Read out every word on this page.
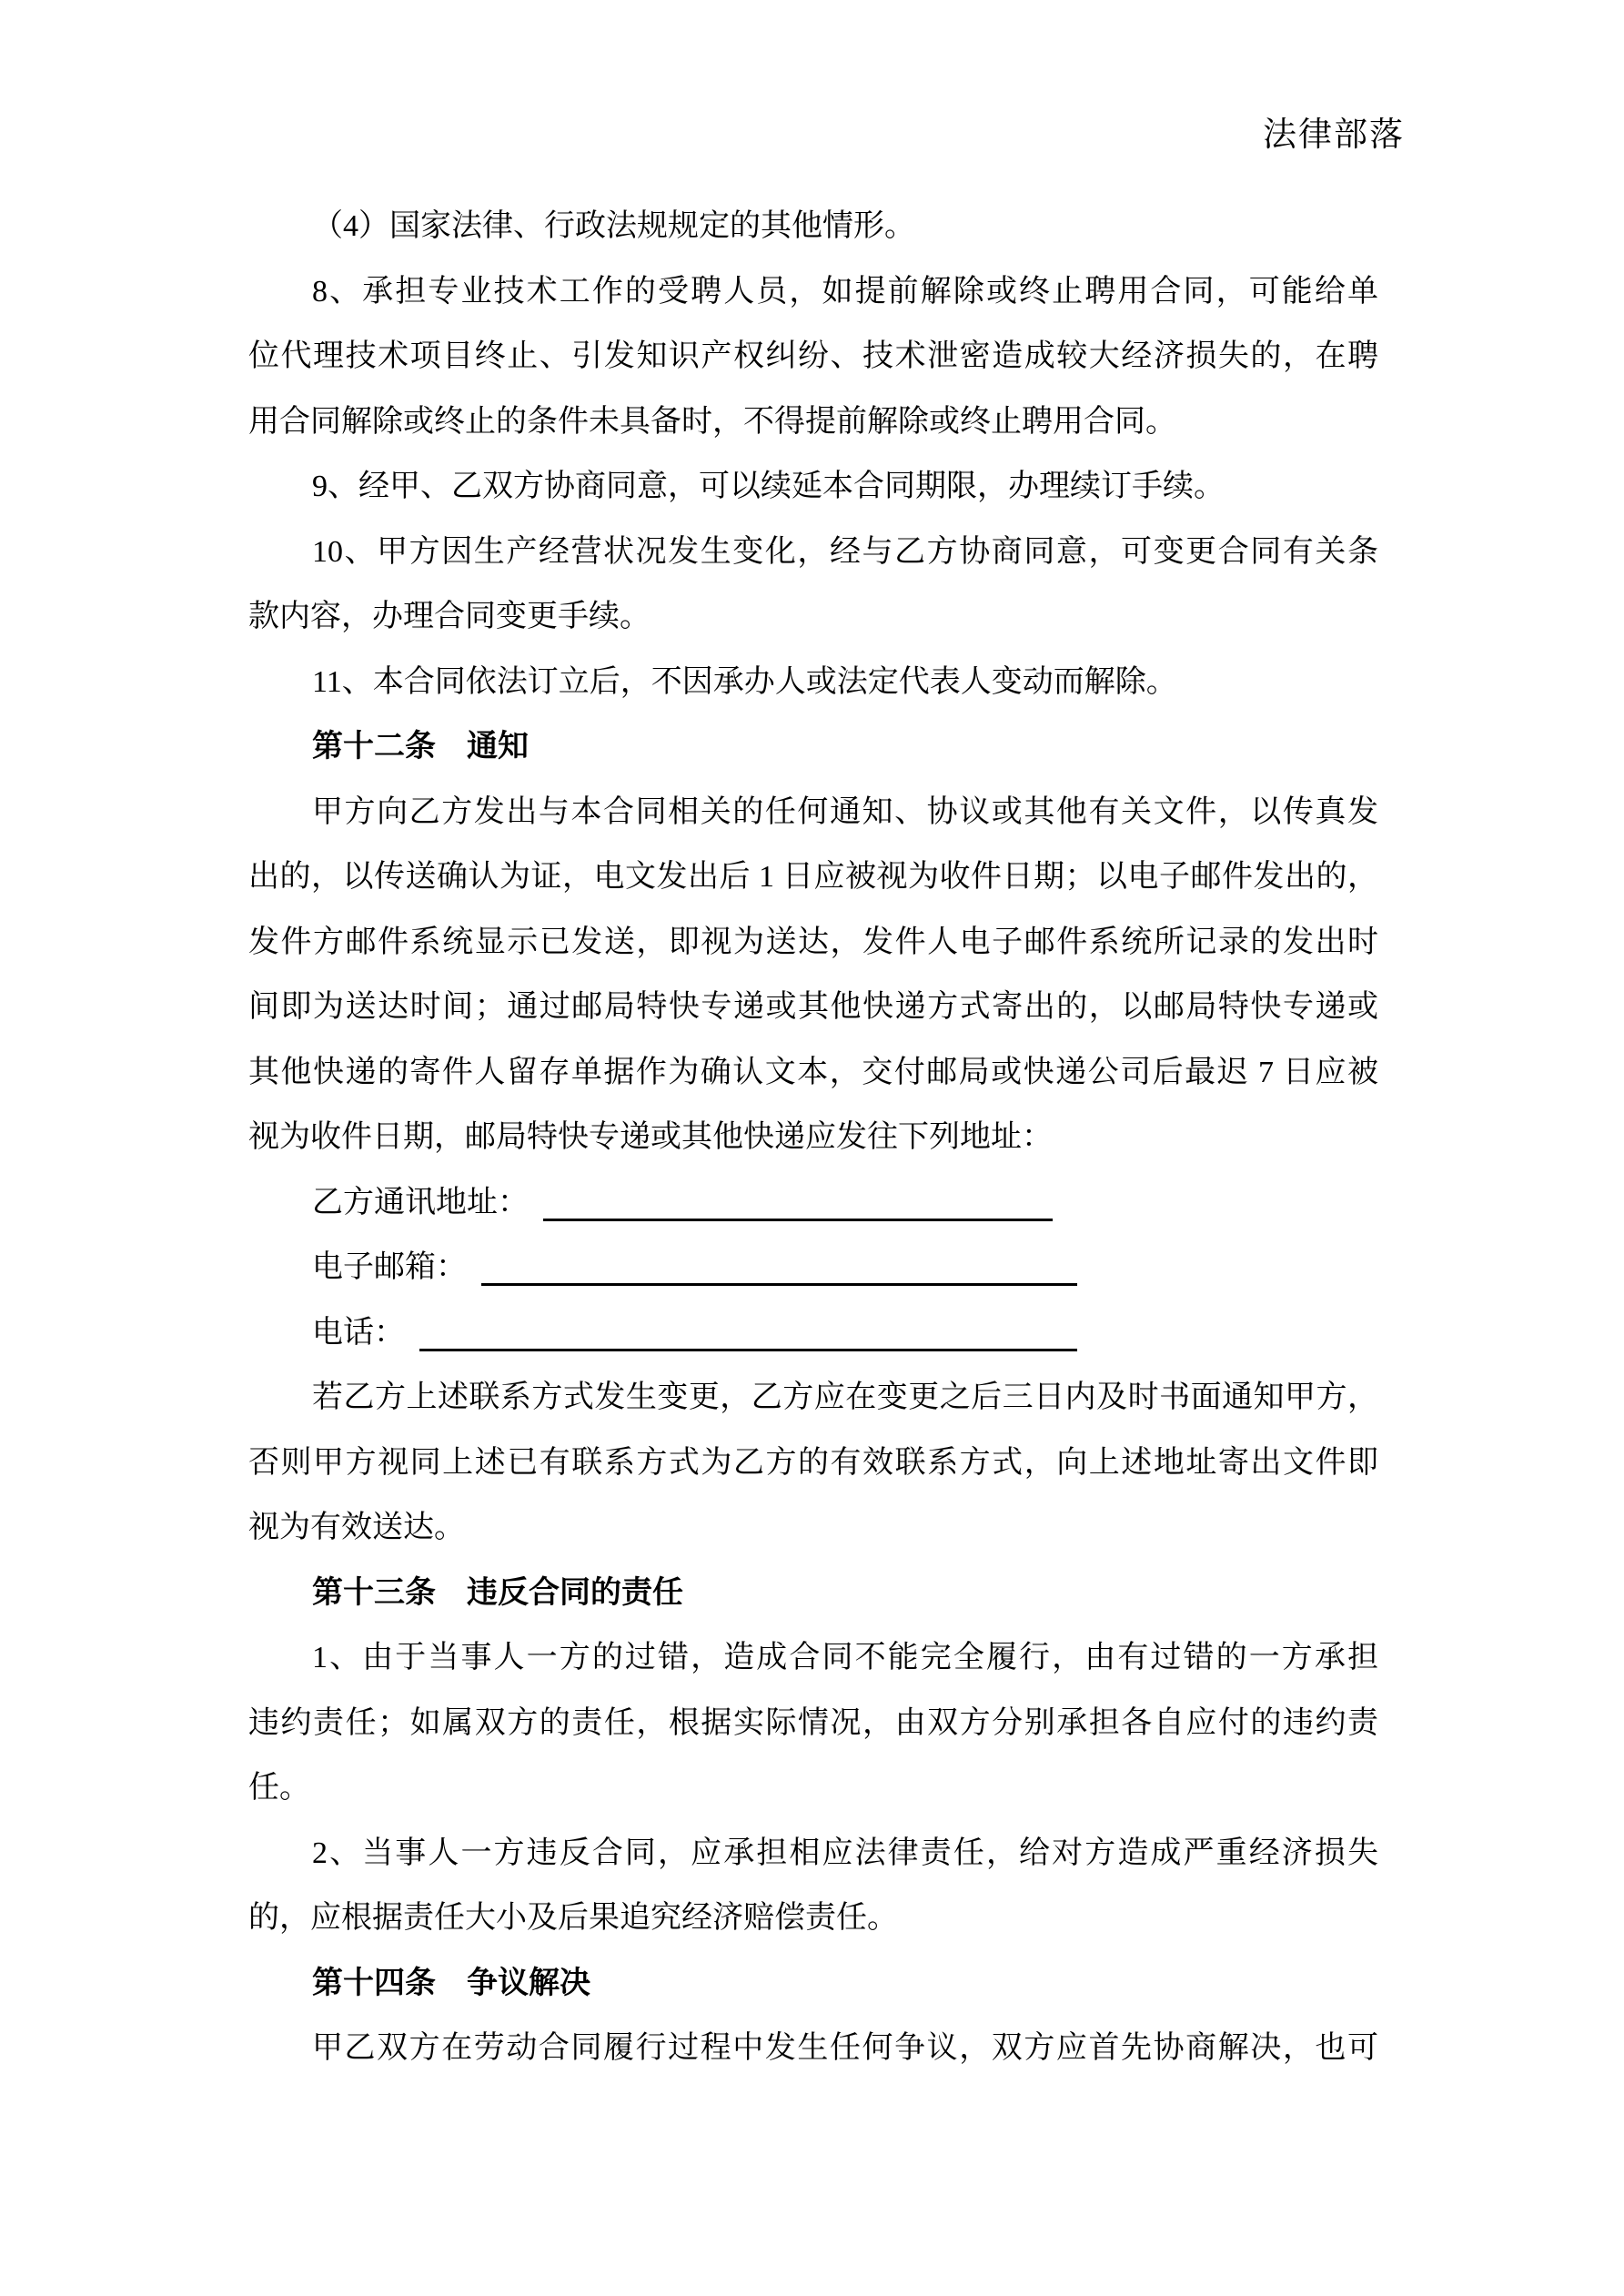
法律部落
（4）国家法律、行政法规规定的其他情形。
8、承担专业技术工作的受聘人员，如提前解除或终止聘用合同，可能给单
位代理技术项目终止、引发知识产权纠纷、技术泄密造成较大经济损失的，在聘
用合同解除或终止的条件未具备时，不得提前解除或终止聘用合同。
9、经甲、乙双方协商同意，可以续延本合同期限，办理续订手续。
10、甲方因生产经营状况发生变化，经与乙方协商同意，可变更合同有关条
款内容，办理合同变更手续。
11、本合同依法订立后，不因承办人或法定代表人变动而解除。
第十二条　通知
甲方向乙方发出与本合同相关的任何通知、协议或其他有关文件，以传真发
出的，以传送确认为证，电文发出后 1 日应被视为收件日期；以电子邮件发出的，
发件方邮件系统显示已发送，即视为送达，发件人电子邮件系统所记录的发出时
间即为送达时间；通过邮局特快专递或其他快递方式寄出的，以邮局特快专递或
其他快递的寄件人留存单据作为确认文本，交付邮局或快递公司后最迟 7 日应被
视为收件日期，邮局特快专递或其他快递应发往下列地址：
乙方通讯地址：
电子邮箱：
电话：
若乙方上述联系方式发生变更，乙方应在变更之后三日内及时书面通知甲方，
否则甲方视同上述已有联系方式为乙方的有效联系方式，向上述地址寄出文件即
视为有效送达。
第十三条　违反合同的责任
1、由于当事人一方的过错，造成合同不能完全履行，由有过错的一方承担
违约责任；如属双方的责任，根据实际情况，由双方分别承担各自应付的违约责
任。
2、当事人一方违反合同，应承担相应法律责任，给对方造成严重经济损失
的，应根据责任大小及后果追究经济赔偿责任。
第十四条　争议解决
甲乙双方在劳动合同履行过程中发生任何争议，双方应首先协商解决，也可
